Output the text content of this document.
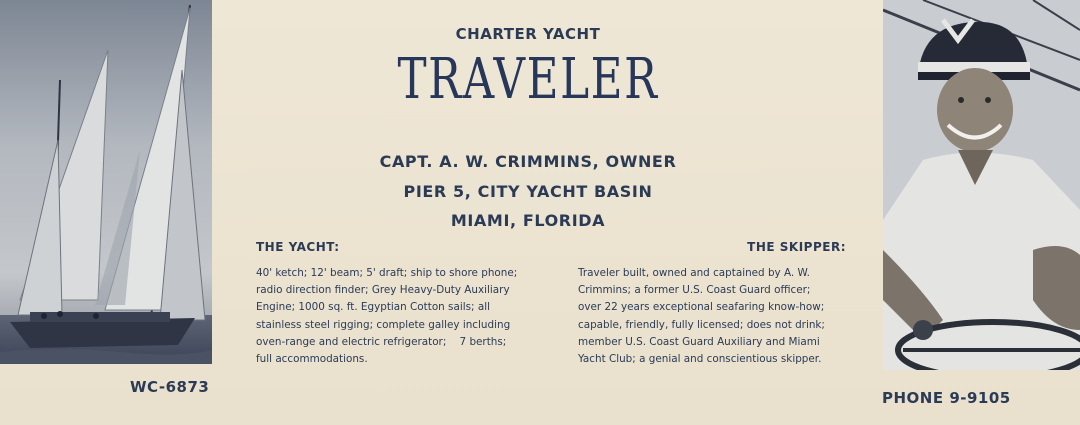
CHARTER YACHT
TRAVELER
CAPT. A. W. CRIMMINS, OWNER
PIER 5, CITY YACHT BASIN
MIAMI, FLORIDA
THE YACHT:	THE SKIPPER:
40' ketch; 12' beam; 5' draft; ship to shore phone;
radio direction finder; Grey Heavy-Duty Auxiliary
Engine; 1000 sq. ft. Egyptian Cotton sails; all
stainless steel rigging; complete galley including
oven-range and electric refrigerator;    7 berths;
full accommodations.
Traveler built, owned and captained by A. W.
Crimmins; a former U.S. Coast Guard officer;
over 22 years exceptional seafaring know-how;
capable, friendly, fully licensed; does not drink;
member U.S. Coast Guard Auxiliary and Miami
Yacht Club; a genial and conscientious skipper.
WC-6873
PHONE 9-9105
